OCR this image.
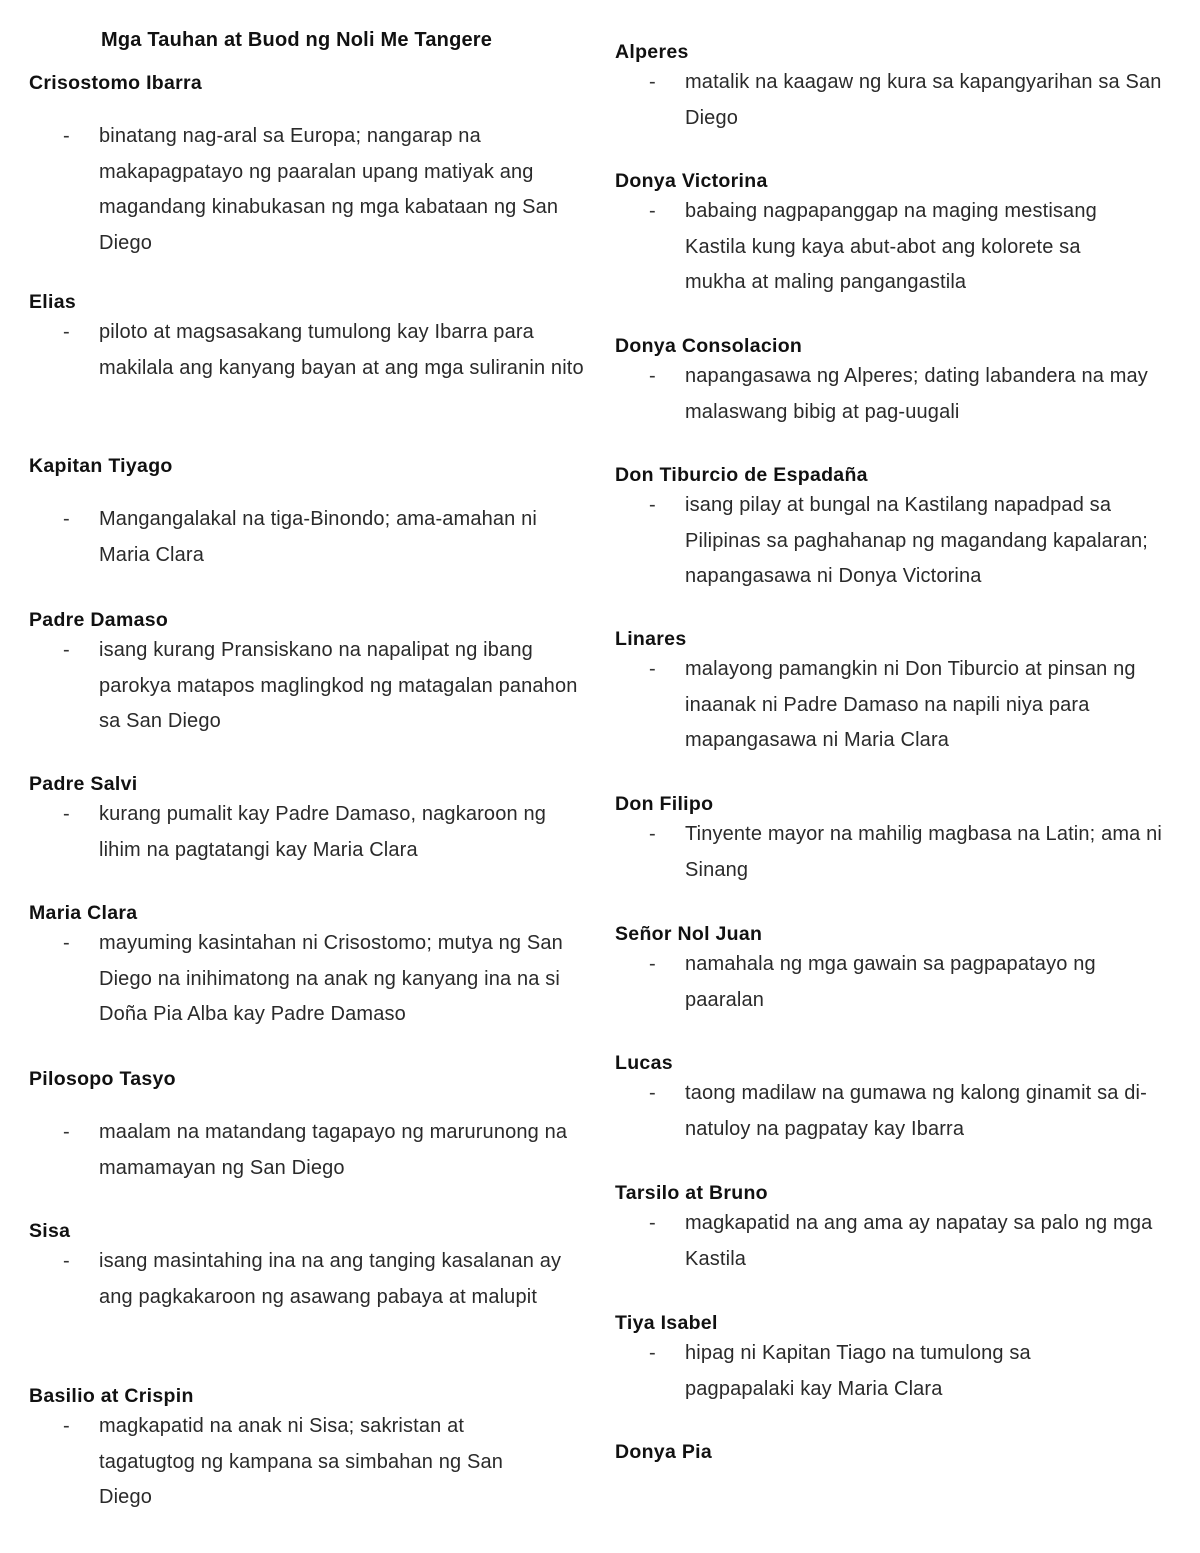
Mga Tauhan at Buod ng Noli Me Tangere
Crisostomo Ibarra
- binatang nag-aral sa Europa; nangarap na makapagpatayo ng paaralan upang matiyak ang magandang kinabukasan ng mga kabataan ng San Diego
Elias
- piloto at magsasakang tumulong kay Ibarra para makilala ang kanyang bayan at ang mga suliranin nito
Kapitan Tiyago
- Mangangalakal na tiga-Binondo; ama-amahan ni Maria Clara
Padre Damaso
- isang kurang Pransiskano na napalipat ng ibang parokya matapos maglingkod ng matagalan panahon sa San Diego
Padre Salvi
- kurang pumalit kay Padre Damaso, nagkaroon ng lihim na pagtatangi kay Maria Clara
Maria Clara
- mayuming kasintahan ni Crisostomo; mutya ng San Diego na inihimatong na anak ng kanyang ina na si Doña Pia Alba kay Padre Damaso
Pilosopo Tasyo
- maalam na matandang tagapayo ng marurunong na mamamayan ng San Diego
Sisa
- isang masintahing ina na ang tanging kasalanan ay ang pagkakaroon ng asawang pabaya at malupit
Basilio at Crispin
- magkapatid na anak ni Sisa; sakristan at tagatugtog ng kampana sa simbahan ng San Diego
Alperes
- matalik na kaagaw ng kura sa kapangyarihan sa San Diego
Donya Victorina
- babaing nagpapanggap na maging mestisang Kastila kung kaya abut-abot ang kolorete sa mukha at maling pangangastila
Donya Consolacion
- napangasawa ng Alperes; dating labandera na may malaswang bibig at pag-uugali
Don Tiburcio de Espadaña
- isang pilay at bungal na Kastilang napadpad sa Pilipinas sa paghahanap ng magandang kapalaran; napangasawa ni Donya Victorina
Linares
- malayong pamangkin ni Don Tiburcio at pinsan ng inaanak ni Padre Damaso na napili niya para mapangasawa ni Maria Clara
Don Filipo
- Tinyente mayor na mahilig magbasa na Latin; ama ni Sinang
Señor Nol Juan
- namahala ng mga gawain sa pagpapatayo ng paaralan
Lucas
- taong madilaw na gumawa ng kalong ginamit sa di-natuloy na pagpatay kay Ibarra
Tarsilo at Bruno
- magkapatid na ang ama ay napatay sa palo ng mga Kastila
Tiya Isabel
- hipag ni Kapitan Tiago na tumulong sa pagpapalaki kay Maria Clara
Donya Pia
